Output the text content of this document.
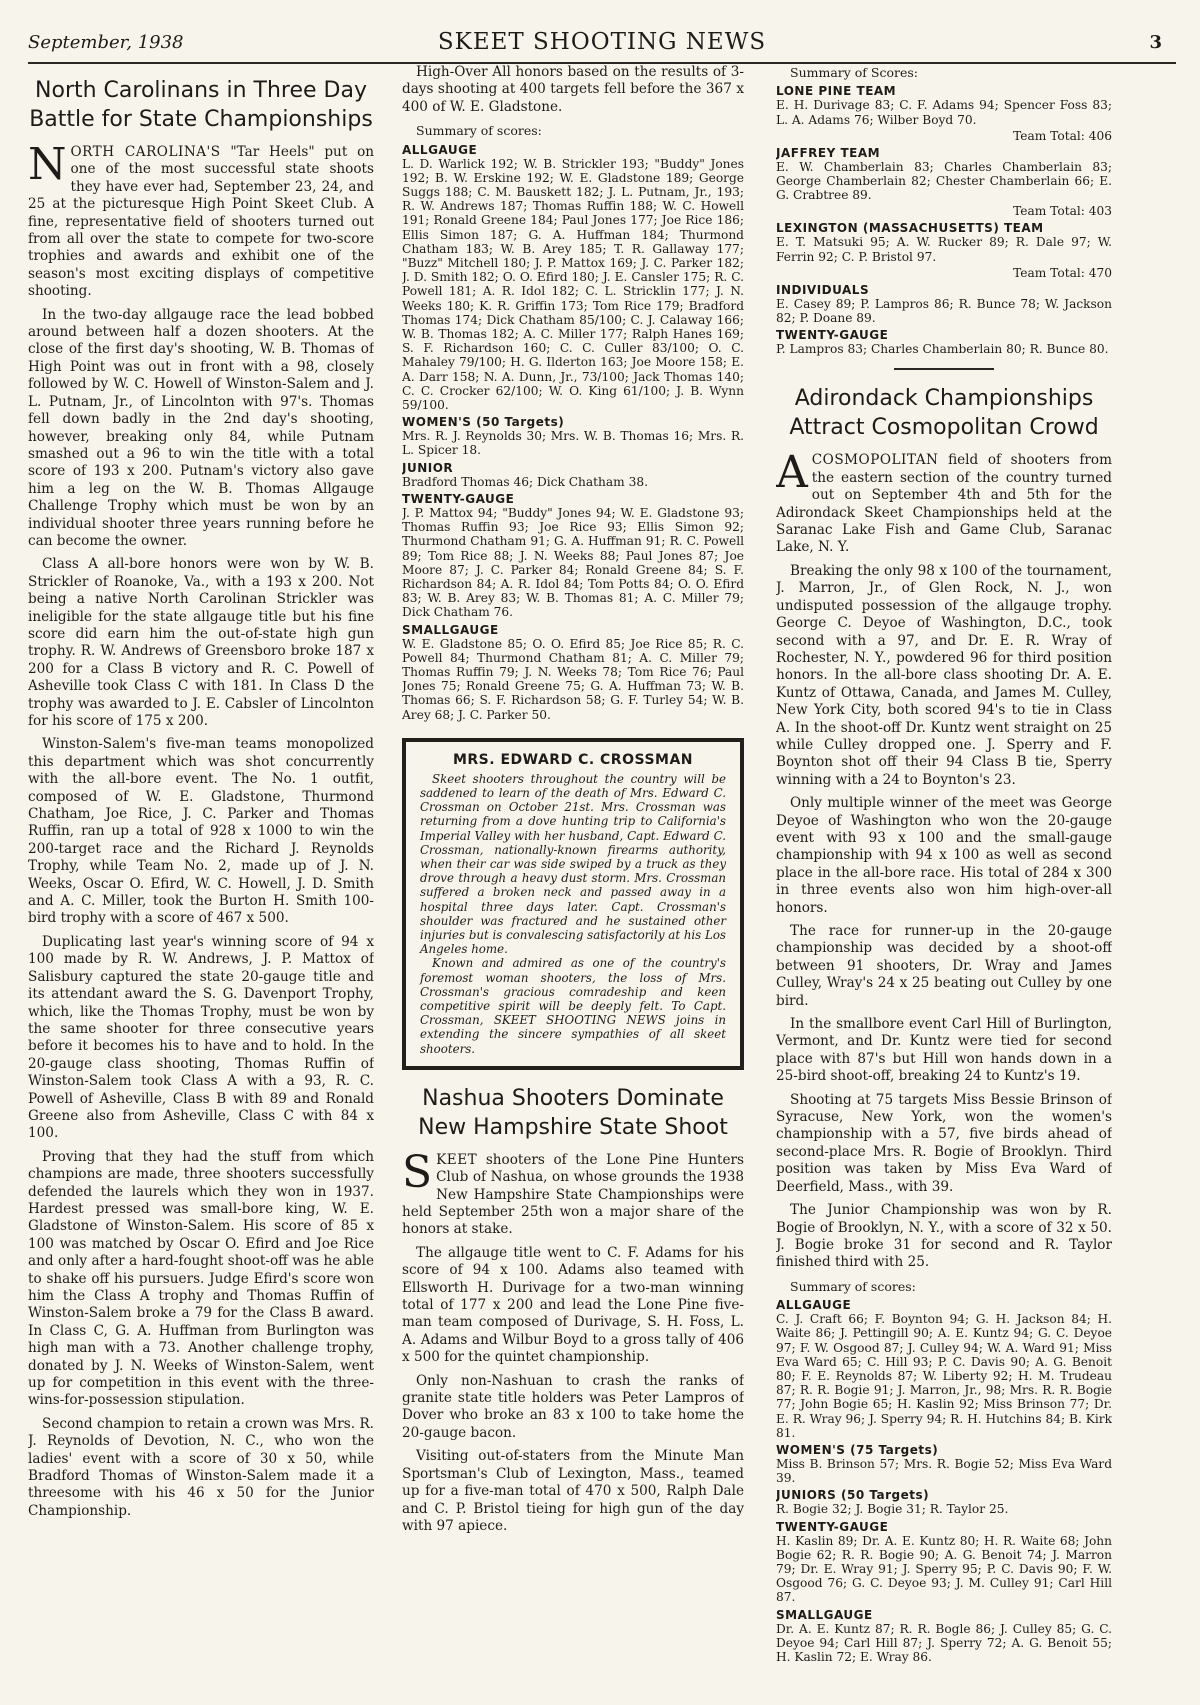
September, 1938	SKEET SHOOTING NEWS	3
North Carolinans in Three Day Battle for State Championships

NORTH CAROLINA'S "Tar Heels" put on one of the most successful state shoots they have ever had, September 23, 24, and 25 at the picturesque High Point Skeet Club. A fine, representative field of shooters turned out from all over the state to compete for two-score trophies and awards and exhibit one of the season's most exciting displays of competitive shooting.

In the two-day allgauge race the lead bobbed around between half a dozen shooters. At the close of the first day's shooting, W. B. Thomas of High Point was out in front with a 98, closely followed by W. C. Howell of Winston-Salem and J. L. Putnam, Jr., of Lincolnton with 97's. Thomas fell down badly in the 2nd day's shooting, however, breaking only 84, while Putnam smashed out a 96 to win the title with a total score of 193 x 200. Putnam's victory also gave him a leg on the W. B. Thomas Allgauge Challenge Trophy which must be won by an individual shooter three years running before he can become the owner.

Class A all-bore honors were won by W. B. Strickler of Roanoke, Va., with a 193 x 200. Not being a native North Carolinan Strickler was ineligible for the state allgauge title but his fine score did earn him the out-of-state high gun trophy. R. W. Andrews of Greensboro broke 187 x 200 for a Class B victory and R. C. Powell of Asheville took Class C with 181. In Class D the trophy was awarded to J. E. Cabsler of Lincolnton for his score of 175 x 200.

Winston-Salem's five-man teams monopolized this department which was shot concurrently with the all-bore event. The No. 1 outfit, composed of W. E. Gladstone, Thurmond Chatham, Joe Rice, J. C. Parker and Thomas Ruffin, ran up a total of 928 x 1000 to win the 200-target race and the Richard J. Reynolds Trophy, while Team No. 2, made up of J. N. Weeks, Oscar O. Efird, W. C. Howell, J. D. Smith and A. C. Miller, took the Burton H. Smith 100-bird trophy with a score of 467 x 500.

Duplicating last year's winning score of 94 x 100 made by R. W. Andrews, J. P. Mattox of Salisbury captured the state 20-gauge title and its attendant award the S. G. Davenport Trophy, which, like the Thomas Trophy, must be won by the same shooter for three consecutive years before it becomes his to have and to hold. In the 20-gauge class shooting, Thomas Ruffin of Winston-Salem took Class A with a 93, R. C. Powell of Asheville, Class B with 89 and Ronald Greene also from Asheville, Class C with 84 x 100.

Proving that they had the stuff from which champions are made, three shooters successfully defended the laurels which they won in 1937. Hardest pressed was small-bore king, W. E. Gladstone of Winston-Salem. His score of 85 x 100 was matched by Oscar O. Efird and Joe Rice and only after a hard-fought shoot-off was he able to shake off his pursuers. Judge Efird's score won him the Class A trophy and Thomas Ruffin of Winston-Salem broke a 79 for the Class B award. In Class C, G. A. Huffman from Burlington was high man with a 73. Another challenge trophy, donated by J. N. Weeks of Winston-Salem, went up for competition in this event with the three-wins-for-possession stipulation.

Second champion to retain a crown was Mrs. R. J. Reynolds of Devotion, N. C., who won the ladies' event with a score of 30 x 50, while Bradford Thomas of Winston-Salem made it a threesome with his 46 x 50 for the Junior Championship.

High-Over All honors based on the results of 3-days shooting at 400 targets fell before the 367 x 400 of W. E. Gladstone.

Summary of scores:

ALLGAUGE

L. D. Warlick 192; W. B. Strickler 193; "Buddy" Jones 192; B. W. Erskine 192; W. E. Gladstone 189; George Suggs 188; C. M. Bauskett 182; J. L. Putnam, Jr., 193; R. W. Andrews 187; Thomas Ruffin 188; W. C. Howell 191; Ronald Greene 184; Paul Jones 177; Joe Rice 186; Ellis Simon 187; G. A. Huffman 184; Thurmond Chatham 183; W. B. Arey 185; T. R. Gallaway 177; "Buzz" Mitchell 180; J. P. Mattox 169; J. C. Parker 182; J. D. Smith 182; O. O. Efird 180; J. E. Cansler 175; R. C. Powell 181; A. R. Idol 182; C. L. Stricklin 177; J. N. Weeks 180; K. R. Griffin 173; Tom Rice 179; Bradford Thomas 174; Dick Chatham 85/100; C. J. Calaway 166; W. B. Thomas 182; A. C. Miller 177; Ralph Hanes 169; S. F. Richardson 160; C. C. Culler 83/100; O. C. Mahaley 79/100; H. G. Ilderton 163; Joe Moore 158; E. A. Darr 158; N. A. Dunn, Jr., 73/100; Jack Thomas 140; C. C. Crocker 62/100; W. O. King 61/100; J. B. Wynn 59/100.

WOMEN'S (50 Targets)

Mrs. R. J. Reynolds 30; Mrs. W. B. Thomas 16; Mrs. R. L. Spicer 18.

JUNIOR

Bradford Thomas 46; Dick Chatham 38.

TWENTY-GAUGE

J. P. Mattox 94; "Buddy" Jones 94; W. E. Gladstone 93; Thomas Ruffin 93; Joe Rice 93; Ellis Simon 92; Thurmond Chatham 91; G. A. Huffman 91; R. C. Powell 89; Tom Rice 88; J. N. Weeks 88; Paul Jones 87; Joe Moore 87; J. C. Parker 84; Ronald Greene 84; S. F. Richardson 84; A. R. Idol 84; Tom Potts 84; O. O. Efird 83; W. B. Arey 83; W. B. Thomas 81; A. C. Miller 79; Dick Chatham 76.

SMALLGAUGE

W. E. Gladstone 85; O. O. Efird 85; Joe Rice 85; R. C. Powell 84; Thurmond Chatham 81; A. C. Miller 79; Thomas Ruffin 79; J. N. Weeks 78; Tom Rice 76; Paul Jones 75; Ronald Greene 75; G. A. Huffman 73; W. B. Thomas 66; S. F. Richardson 58; G. F. Turley 54; W. B. Arey 68; J. C. Parker 50.

MRS. EDWARD C. CROSSMAN

Skeet shooters throughout the country will be saddened to learn of the death of Mrs. Edward C. Crossman on October 21st. Mrs. Crossman was returning from a dove hunting trip to California's Imperial Valley with her husband, Capt. Edward C. Crossman, nationally-known firearms authority, when their car was side swiped by a truck as they drove through a heavy dust storm. Mrs. Crossman suffered a broken neck and passed away in a hospital three days later. Capt. Crossman's shoulder was fractured and he sustained other injuries but is convalescing satisfactorily at his Los Angeles home.

Known and admired as one of the country's foremost woman shooters, the loss of Mrs. Crossman's gracious comradeship and keen competitive spirit will be deeply felt. To Capt. Crossman, SKEET SHOOTING NEWS joins in extending the sincere sympathies of all skeet shooters.

Nashua Shooters Dominate New Hampshire State Shoot

SKEET shooters of the Lone Pine Hunters Club of Nashua, on whose grounds the 1938 New Hampshire State Championships were held September 25th won a major share of the honors at stake.

The allgauge title went to C. F. Adams for his score of 94 x 100. Adams also teamed with Ellsworth H. Durivage for a two-man winning total of 177 x 200 and lead the Lone Pine five-man team composed of Durivage, S. H. Foss, L. A. Adams and Wilbur Boyd to a gross tally of 406 x 500 for the quintet championship.

Only non-Nashuan to crash the ranks of granite state title holders was Peter Lampros of Dover who broke an 83 x 100 to take home the 20-gauge bacon.

Visiting out-of-staters from the Minute Man Sportsman's Club of Lexington, Mass., teamed up for a five-man total of 470 x 500, Ralph Dale and C. P. Bristol tieing for high gun of the day with 97 apiece.

Summary of Scores:

LONE PINE TEAM

E. H. Durivage 83; C. F. Adams 94; Spencer Foss 83; L. A. Adams 76; Wilber Boyd 70.

Team Total: 406
JAFFREY TEAM

E. W. Chamberlain 83; Charles Chamberlain 83; George Chamberlain 82; Chester Chamberlain 66; E. G. Crabtree 89.

Team Total: 403
LEXINGTON (MASSACHUSETTS) TEAM

E. T. Matsuki 95; A. W. Rucker 89; R. Dale 97; W. Ferrin 92; C. P. Bristol 97.

Team Total: 470
INDIVIDUALS

E. Casey 89; P. Lampros 86; R. Bunce 78; W. Jackson 82; P. Doane 89.

TWENTY-GAUGE

P. Lampros 83; Charles Chamberlain 80; R. Bunce 80.

Adirondack Championships Attract Cosmopolitan Crowd

ACOSMOPOLITAN field of shooters from the eastern section of the country turned out on September 4th and 5th for the Adirondack Skeet Championships held at the Saranac Lake Fish and Game Club, Saranac Lake, N. Y.

Breaking the only 98 x 100 of the tournament, J. Marron, Jr., of Glen Rock, N. J., won undisputed possession of the allgauge trophy. George C. Deyoe of Washington, D.C., took second with a 97, and Dr. E. R. Wray of Rochester, N. Y., powdered 96 for third position honors. In the all-bore class shooting Dr. A. E. Kuntz of Ottawa, Canada, and James M. Culley, New York City, both scored 94's to tie in Class A. In the shoot-off Dr. Kuntz went straight on 25 while Culley dropped one. J. Sperry and F. Boynton shot off their 94 Class B tie, Sperry winning with a 24 to Boynton's 23.

Only multiple winner of the meet was George Deyoe of Washington who won the 20-gauge event with 93 x 100 and the small-gauge championship with 94 x 100 as well as second place in the all-bore race. His total of 284 x 300 in three events also won him high-over-all honors.

The race for runner-up in the 20-gauge championship was decided by a shoot-off between 91 shooters, Dr. Wray and James Culley, Wray's 24 x 25 beating out Culley by one bird.

In the smallbore event Carl Hill of Burlington, Vermont, and Dr. Kuntz were tied for second place with 87's but Hill won hands down in a 25-bird shoot-off, breaking 24 to Kuntz's 19.

Shooting at 75 targets Miss Bessie Brinson of Syracuse, New York, won the women's championship with a 57, five birds ahead of second-place Mrs. R. Bogie of Brooklyn. Third position was taken by Miss Eva Ward of Deerfield, Mass., with 39.

The Junior Championship was won by R. Bogie of Brooklyn, N. Y., with a score of 32 x 50. J. Bogie broke 31 for second and R. Taylor finished third with 25.

Summary of scores:

ALLGAUGE

C. J. Craft 66; F. Boynton 94; G. H. Jackson 84; H. Waite 86; J. Pettingill 90; A. E. Kuntz 94; G. C. Deyoe 97; F. W. Osgood 87; J. Culley 94; W. A. Ward 91; Miss Eva Ward 65; C. Hill 93; P. C. Davis 90; A. G. Benoit 80; F. E. Reynolds 87; W. Liberty 92; H. M. Trudeau 87; R. R. Bogie 91; J. Marron, Jr., 98; Mrs. R. R. Bogie 77; John Bogie 65; H. Kaslin 92; Miss Brinson 77; Dr. E. R. Wray 96; J. Sperry 94; R. H. Hutchins 84; B. Kirk 81.

WOMEN'S (75 Targets)

Miss B. Brinson 57; Mrs. R. Bogie 52; Miss Eva Ward 39.

JUNIORS (50 Targets)

R. Bogie 32; J. Bogie 31; R. Taylor 25.

TWENTY-GAUGE

H. Kaslin 89; Dr. A. E. Kuntz 80; H. R. Waite 68; John Bogie 62; R. R. Bogie 90; A. G. Benoit 74; J. Marron 79; Dr. E. Wray 91; J. Sperry 95; P. C. Davis 90; F. W. Osgood 76; G. C. Deyoe 93; J. M. Culley 91; Carl Hill 87.

SMALLGAUGE

Dr. A. E. Kuntz 87; R. R. Bogle 86; J. Culley 85; G. C. Deyoe 94; Carl Hill 87; J. Sperry 72; A. G. Benoit 55; H. Kaslin 72; E. Wray 86.
